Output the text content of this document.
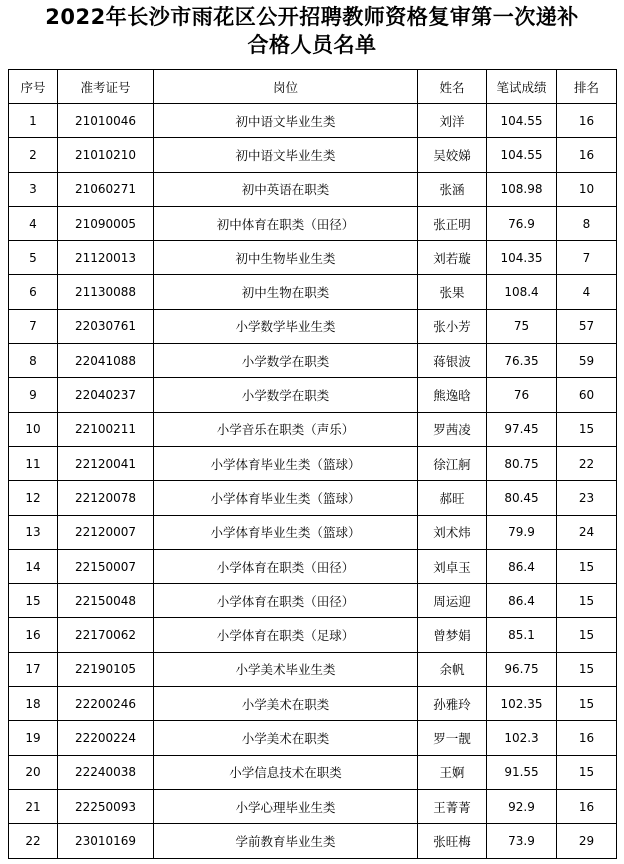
2022年长沙市雨花区公开招聘教师资格复审第一次递补
合格人员名单
序号	准考证号	岗位	姓名	笔试成绩	排名
1	21010046	初中语文毕业生类	刘洋	104.55	16
2	21010210	初中语文毕业生类	吴姣娣	104.55	16
3	21060271	初中英语在职类	张涵	108.98	10
4	21090005	初中体育在职类（田径）	张正明	76.9	8
5	21120013	初中生物毕业生类	刘若璇	104.35	7
6	21130088	初中生物在职类	张果	108.4	4
7	22030761	小学数学毕业生类	张小芳	75	57
8	22041088	小学数学在职类	蒋银波	76.35	59
9	22040237	小学数学在职类	熊逸晗	76	60
10	22100211	小学音乐在职类（声乐）	罗茜凌	97.45	15
11	22120041	小学体育毕业生类（篮球）	徐江舸	80.75	22
12	22120078	小学体育毕业生类（篮球）	郝旺	80.45	23
13	22120007	小学体育毕业生类（篮球）	刘术炜	79.9	24
14	22150007	小学体育在职类（田径）	刘卓玉	86.4	15
15	22150048	小学体育在职类（田径）	周运迎	86.4	15
16	22170062	小学体育在职类（足球）	曾梦娟	85.1	15
17	22190105	小学美术毕业生类	余帆	96.75	15
18	22200246	小学美术在职类	孙雅玲	102.35	15
19	22200224	小学美术在职类	罗一靓	102.3	16
20	22240038	小学信息技术在职类	王婀	91.55	15
21	22250093	小学心理毕业生类	王菁菁	92.9	16
22	23010169	学前教育毕业生类	张旺梅	73.9	29
